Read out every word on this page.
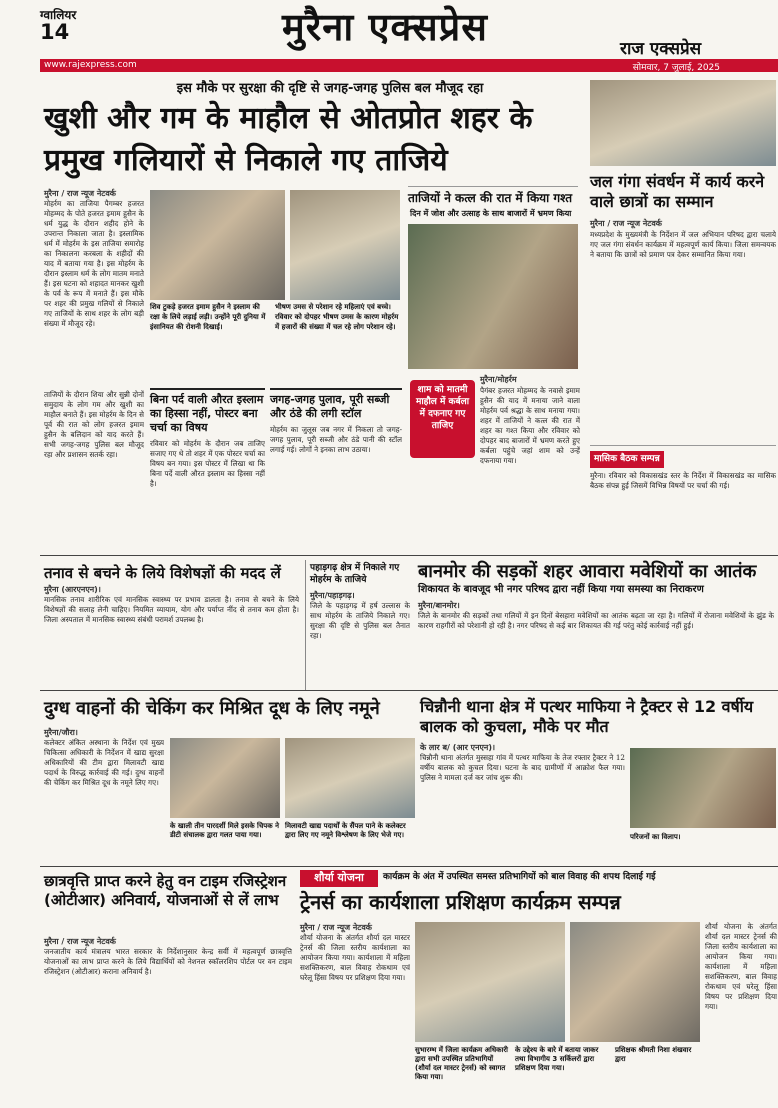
ग्वालियर
14	मुरैना एक्सप्रेस	राज एक्सप्रेस
www.rajexpress.com	सोमवार, 7 जुलाई, 2025
इस मौके पर सुरक्षा की दृष्टि से जगह-जगह पुलिस बल मौजूद रहा
खुशी और गम के माहौल से ओतप्रोत शहर के प्रमुख गलियारों से निकाले गए ताजिये
मुरैना / राज न्यूज नेटवर्क
मोहर्रम का ताजिया पैगम्बर हजरत मोहम्मद के पोते हजरत इमाम हुसैन के धर्म युद्ध के दौरान शहीद होने के उपरान्त निकाला जाता है। इस्लामिक धर्म में मोहर्रम के इस ताजिया समारोह का निकालना करबला के शहीदों की याद में बताया गया है। इस मोहर्रम के दौरान इस्लाम धर्म के लोग मातम मनाते हैं। इस घटना को शहादत मानकर खुशी के पर्व के रूप में मनाते हैं। इस मौके पर शहर की प्रमुख गलियों से निकाले गए ताजियों के साथ शहर के लोग बड़ी संख्या में मौजूद रहे।
ताजियों के दौरान शिया और सुन्नी दोनों समुदाय के लोग गम और खुशी का माहौल बनाते हैं। इस मोहर्रम के दिन से पूर्व की रात को लोग हजरत इमाम हुसैन के बलिदान को याद करते हैं। सभी जगह-जगह पुलिस बल मौजूद रहा और प्रशासन सतर्क रहा।
शिव टुकड़े हजरत इमाम हुसैन ने इस्लाम की रक्षा के लिये लड़ाई लड़ी। उन्होंने पूरी दुनिया में इंसानियत की रोशनी दिखाई।
भीषण उमस से परेशान रहे महिलाएं एवं बच्चे। रविवार को दोपहर भीषण उमस के कारण मोहर्रम में हजारों की संख्या में चल रहे लोग परेशान रहे।
बिना पर्द वाली औरत इस्लाम का हिस्सा नहीं, पोस्टर बना चर्चा का विषय
रविवार को मोहर्रम के दौरान जब ताजिए सजाए गए थे तो शहर में एक पोस्टर चर्चा का विषय बन गया। इस पोस्टर में लिखा था कि बिना पर्दे वाली औरत इस्लाम का हिस्सा नहीं है।
जगह-जगह पुलाव, पूरी सब्जी और ठंडे की लगी स्टॉल
मोहर्रम का जुलूस जब नगर में निकला तो जगह-जगह पुलाव, पूरी सब्जी और ठंडे पानी की स्टॉल लगाई गई। लोगों ने इनका लाभ उठाया।
ताजियों ने कत्ल की रात में किया गश्त
दिन में जोश और उत्साह के साथ बाजारों में भ्रमण किया
शाम को मातमी माहौल में कर्बला में दफनाए गए ताजिए
मुरैना/मोहर्रम
पैगंबर हजरत मोहम्मद के नवासे इमाम हुसैन की याद में मनाया जाने वाला मोहर्रम पर्व श्रद्धा के साथ मनाया गया। शहर में ताजियों ने कत्ल की रात में शहर का गश्त किया और रविवार को दोपहर बाद बाजारों में भ्रमण करते हुए कर्बला पहुंचे जहां शाम को उन्हें दफनाया गया।
जल गंगा संवर्धन में कार्य करने वाले छात्रों का सम्मान
मुरैना / राज न्यूज नेटवर्क
मध्यप्रदेश के मुख्यमंत्री के निर्देशन में जल अभियान परिषद द्वारा चलाये गए जल गंगा संवर्धन कार्यक्रम में महत्वपूर्ण कार्य किया। जिला समन्वयक ने बताया कि छात्रों को प्रमाण पत्र देकर सम्मानित किया गया।
मासिक बैठक सम्पन्न
मुरैना। रविवार को विकासखंड स्तर के निर्देश में विकासखंड का मासिक बैठक संपन्न हुई जिसमें विभिन्न विषयों पर चर्चा की गई।
तनाव से बचने के लिये विशेषज्ञों की मदद लें
मुरैना (आरएनएन)।
मानसिक तनाव शारीरिक एवं मानसिक स्वास्थ्य पर प्रभाव डालता है। तनाव से बचने के लिये विशेषज्ञों की सलाह लेनी चाहिए। नियमित व्यायाम, योग और पर्याप्त नींद से तनाव कम होता है। जिला अस्पताल में मानसिक स्वास्थ्य संबंधी परामर्श उपलब्ध है।
पहाड़गढ़ क्षेत्र में निकाले गए मोहर्रम के ताजिये
मुरैना/पहाड़गढ़।
जिले के पहाड़गढ़ में हर्ष उल्लास के साथ मोहर्रम के ताजिये निकाले गए। सुरक्षा की दृष्टि से पुलिस बल तैनात रहा।
बानमोर की सड़कों शहर आवारा मवेशियों का आतंक
शिकायत के बावजूद भी नगर परिषद द्वारा नहीं किया गया समस्या का निराकरण
मुरैना/बानमोर।
जिले के बानमोर की सड़कों तथा गलियों में इन दिनों बेसहारा मवेशियों का आतंक बढ़ता जा रहा है। गलियों में रोजाना मवेशियों के झुंड के कारण राहगीरों को परेशानी हो रही है। नगर परिषद से कई बार शिकायत की गई परंतु कोई कार्रवाई नहीं हुई।
दुग्ध वाहनों की चेकिंग कर मिश्रित दूध के लिए नमूने
मुरैना/जौरा।
कलेक्टर अंकित अस्थाना के निर्देश एवं मुख्य चिकित्सा अधिकारी के निर्देशन में खाद्य सुरक्षा अधिकारियों की टीम द्वारा मिलावटी खाद्य पदार्थ के विरुद्ध कार्रवाई की गई। दुग्ध वाहनों की चेकिंग कर मिश्रित दूध के नमूने लिए गए।
के खाली तीन पारदर्शी मिले इसके चिपक ने डीटी संचालक द्वारा गलत पाया गया।
मिलावटी खाद्य पदार्थों के सैंपल पाने के कलेक्टर द्वारा लिए गए नमूने विश्लेषण के लिए भेजे गए।
चिन्नौनी थाना क्षेत्र में पत्थर माफिया ने ट्रैक्टर से 12 वर्षीय बालक को कुचला, मौके पर मौत
के लार ब/ (आर एनएन)।
चिन्नौनी थाना अंतर्गत मुस्सहा गांव में पत्थर माफिया के तेज रफ्तार ट्रैक्टर ने 12 वर्षीय बालक को कुचल दिया। घटना के बाद ग्रामीणों में आक्रोश फैल गया। पुलिस ने मामला दर्ज कर जांच शुरू की।
परिजनों का विलाप।
छात्रवृत्ति प्राप्त करने हेतु वन टाइम रजिस्ट्रेशन (ओटीआर) अनिवार्य, योजनाओं से लें लाभ
मुरैना / राज न्यूज नेटवर्क
जनजातीय कार्य मंत्रालय भारत सरकार के निर्देशानुसार केन्द्र सर्वी में महत्वपूर्ण छात्रवृत्ति योजनाओं का लाभ प्राप्त करने के लिये विद्यार्थियों को नेशनल स्कॉलरशिप पोर्टल पर वन टाइम रजिस्ट्रेशन (ओटीआर) कराना अनिवार्य है।
शौर्या योजना	कार्यक्रम के अंत में उपस्थित समस्त प्रतिभागियों को बाल विवाह की शपथ दिलाई गई
ट्रेनर्स का कार्यशाला प्रशिक्षण कार्यक्रम सम्पन्न
मुरैना / राज न्यूज नेटवर्क
शौर्या योजना के अंतर्गत शौर्या दल मास्टर ट्रेनर्स की जिला स्तरीय कार्यशाला का आयोजन किया गया। कार्यशाला में महिला सशक्तिकरण, बाल विवाह रोकथाम एवं घरेलू हिंसा विषय पर प्रशिक्षण दिया गया।
शौर्या योजना के अंतर्गत शौर्या दल मास्टर ट्रेनर्स की जिला स्तरीय कार्यशाला का आयोजन किया गया। कार्यशाला में महिला सशक्तिकरण, बाल विवाह रोकथाम एवं घरेलू हिंसा विषय पर प्रशिक्षण दिया गया।
सुभारम्भ में जिला कार्यक्रम अधिकारी द्वारा सभी उपस्थित प्रतिभागियों (शौर्या दल मास्टर ट्रेनर्स) को स्वागत किया गया।
के उद्देश्य के बारे में बताया जाकर तथा विभागीय 3 सर्किलरों द्वारा प्रशिक्षण दिया गया।
प्रशिक्षक श्रीमती निशा शंखवार द्वारा
